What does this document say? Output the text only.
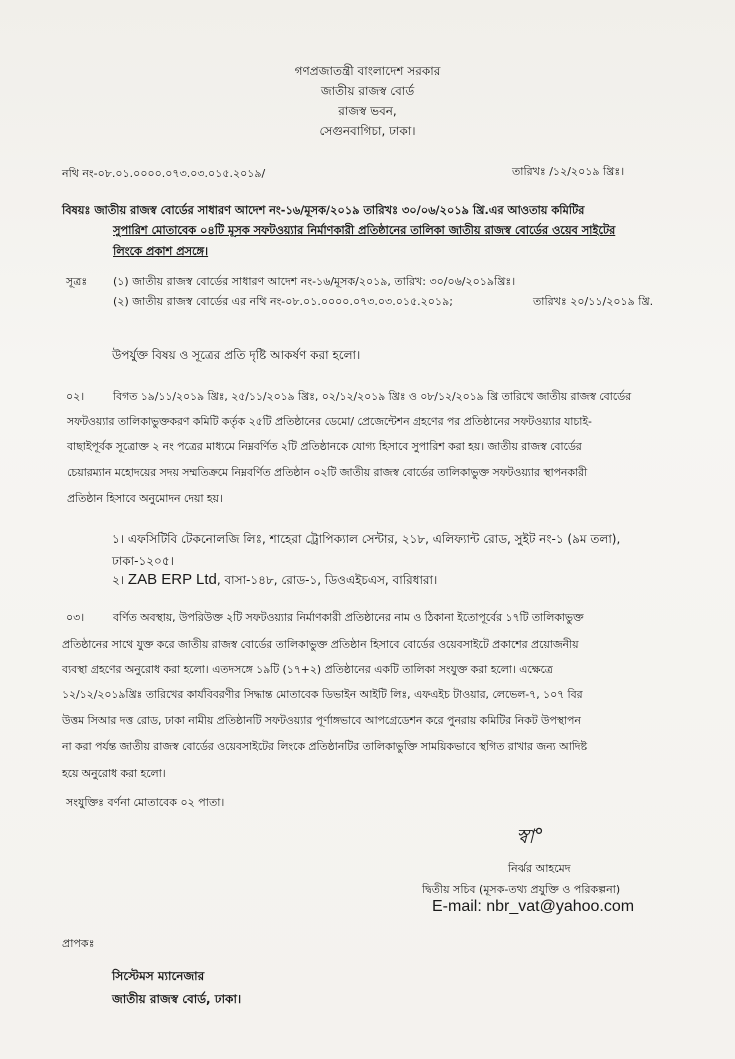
গণপ্রজাতন্ত্রী বাংলাদেশ সরকার
জাতীয় রাজস্ব বোর্ড
রাজস্ব ভবন,
সেগুনবাগিচা, ঢাকা।
নথি নং-০৮.০১.০০০০.০৭৩.০৩.০১৫.২০১৯/	তারিখঃ /১২/২০১৯ খ্রিঃ।
বিষয়ঃ জাতীয় রাজস্ব বোর্ডের সাধারণ আদেশ নং-১৬/মূসক/২০১৯ তারিখঃ ৩০/০৬/২০১৯ খ্রি.এর আওতায় কমিটির
সুপারিশ মোতাবেক ০৪টি মূসক সফটওয়্যার নির্মাণকারী প্রতিষ্ঠানের তালিকা জাতীয় রাজস্ব বোর্ডের ওয়েব সাইটের
লিংকে প্রকাশ প্রসঙ্গে।
সূত্রঃ (১) জাতীয় রাজস্ব বোর্ডের সাধারণ আদেশ নং-১৬/মূসক/২০১৯, তারিখ: ৩০/০৬/২০১৯খ্রিঃ।
(২) জাতীয় রাজস্ব বোর্ডের এর নথি নং-০৮.০১.০০০০.০৭৩.০৩.০১৫.২০১৯;	তারিখঃ ২০/১১/২০১৯ খ্রি.
উপর্যুক্ত বিষয় ও সূত্রের প্রতি দৃষ্টি আকর্ষণ করা হলো।
০২।	বিগত ১৯/১১/২০১৯ খ্রিঃ, ২৫/১১/২০১৯ খ্রিঃ, ০২/১২/২০১৯ খ্রিঃ ও ০৮/১২/২০১৯ খ্রি তারিখে জাতীয় রাজস্ব বোর্ডের
সফটওয়্যার তালিকাভুক্তকরণ কমিটি কর্তৃক ২৫টি প্রতিষ্ঠানের ডেমো/ প্রেজেন্টেশন গ্রহণের পর প্রতিষ্ঠানের সফটওয়্যার যাচাই-
বাছাইপূর্বক সূত্রোক্ত ২ নং পত্রের মাধ্যমে নিম্নবর্ণিত ২টি প্রতিষ্ঠানকে যোগ্য হিসাবে সুপারিশ করা হয়। জাতীয় রাজস্ব বোর্ডের
চেয়ারম্যান মহোদয়ের সদয় সম্মতিক্রমে নিম্নবর্ণিত প্রতিষ্ঠান ০২টি জাতীয় রাজস্ব বোর্ডের তালিকাভুক্ত সফটওয়্যার স্থাপনকারী
প্রতিষ্ঠান হিসাবে অনুমোদন দেয়া হয়।
১। এফসিটিবি টেকনোলজি লিঃ, শাহেরা ট্রোপিক্যাল সেন্টার, ২১৮, এলিফ্যান্ট রোড, সুইট নং-১ (৯ম তলা),
ঢাকা-১২০৫।
২। ZAB ERP Ltd, বাসা-১৪৮, রোড-১, ডিওএইচএস, বারিধারা।
০৩।	বর্ণিত অবস্থায়, উপরিউক্ত ২টি সফটওয়্যার নির্মাণকারী প্রতিষ্ঠানের নাম ও ঠিকানা ইতোপূর্বের ১৭টি তালিকাভুক্ত
প্রতিষ্ঠানের সাথে যুক্ত করে জাতীয় রাজস্ব বোর্ডের তালিকাভুক্ত প্রতিষ্ঠান হিসাবে বোর্ডের ওয়েবসাইটে প্রকাশের প্রয়োজনীয়
ব্যবস্থা গ্রহণের অনুরোধ করা হলো। এতদসঙ্গে ১৯টি (১৭+২) প্রতিষ্ঠানের একটি তালিকা সংযুক্ত করা হলো। এক্ষেত্রে
১২/১২/২০১৯খ্রিঃ তারিখের কার্যবিবরণীর সিদ্ধান্ত মোতাবেক ডিভাইন আইটি লিঃ, এফএইচ টাওয়ার, লেভেল-৭, ১০৭ বির
উত্তম সিআর দত্ত রোড, ঢাকা নামীয় প্রতিষ্ঠানটি সফটওয়্যার পূর্ণাঙ্গভাবে আপগ্রেডেশন করে পুনরায় কমিটির নিকট উপস্থাপন
না করা পর্যন্ত জাতীয় রাজস্ব বোর্ডের ওয়েবসাইটের লিংকে প্রতিষ্ঠানটির তালিকাভুক্তি সাময়িকভাবে স্থগিত রাখার জন্য আদিষ্ট
হয়ে অনুরোধ করা হলো।
সংযুক্তিঃ বর্ণনা মোতাবেক ০২ পাতা।
স্বা°
নির্ঝর আহমেদ
দ্বিতীয় সচিব (মূসক-তথ্য প্রযুক্তি ও পরিকল্পনা)
E-mail: nbr_vat@yahoo.com
প্রাপকঃ
সিস্টেমস ম্যানেজার
জাতীয় রাজস্ব বোর্ড, ঢাকা।
